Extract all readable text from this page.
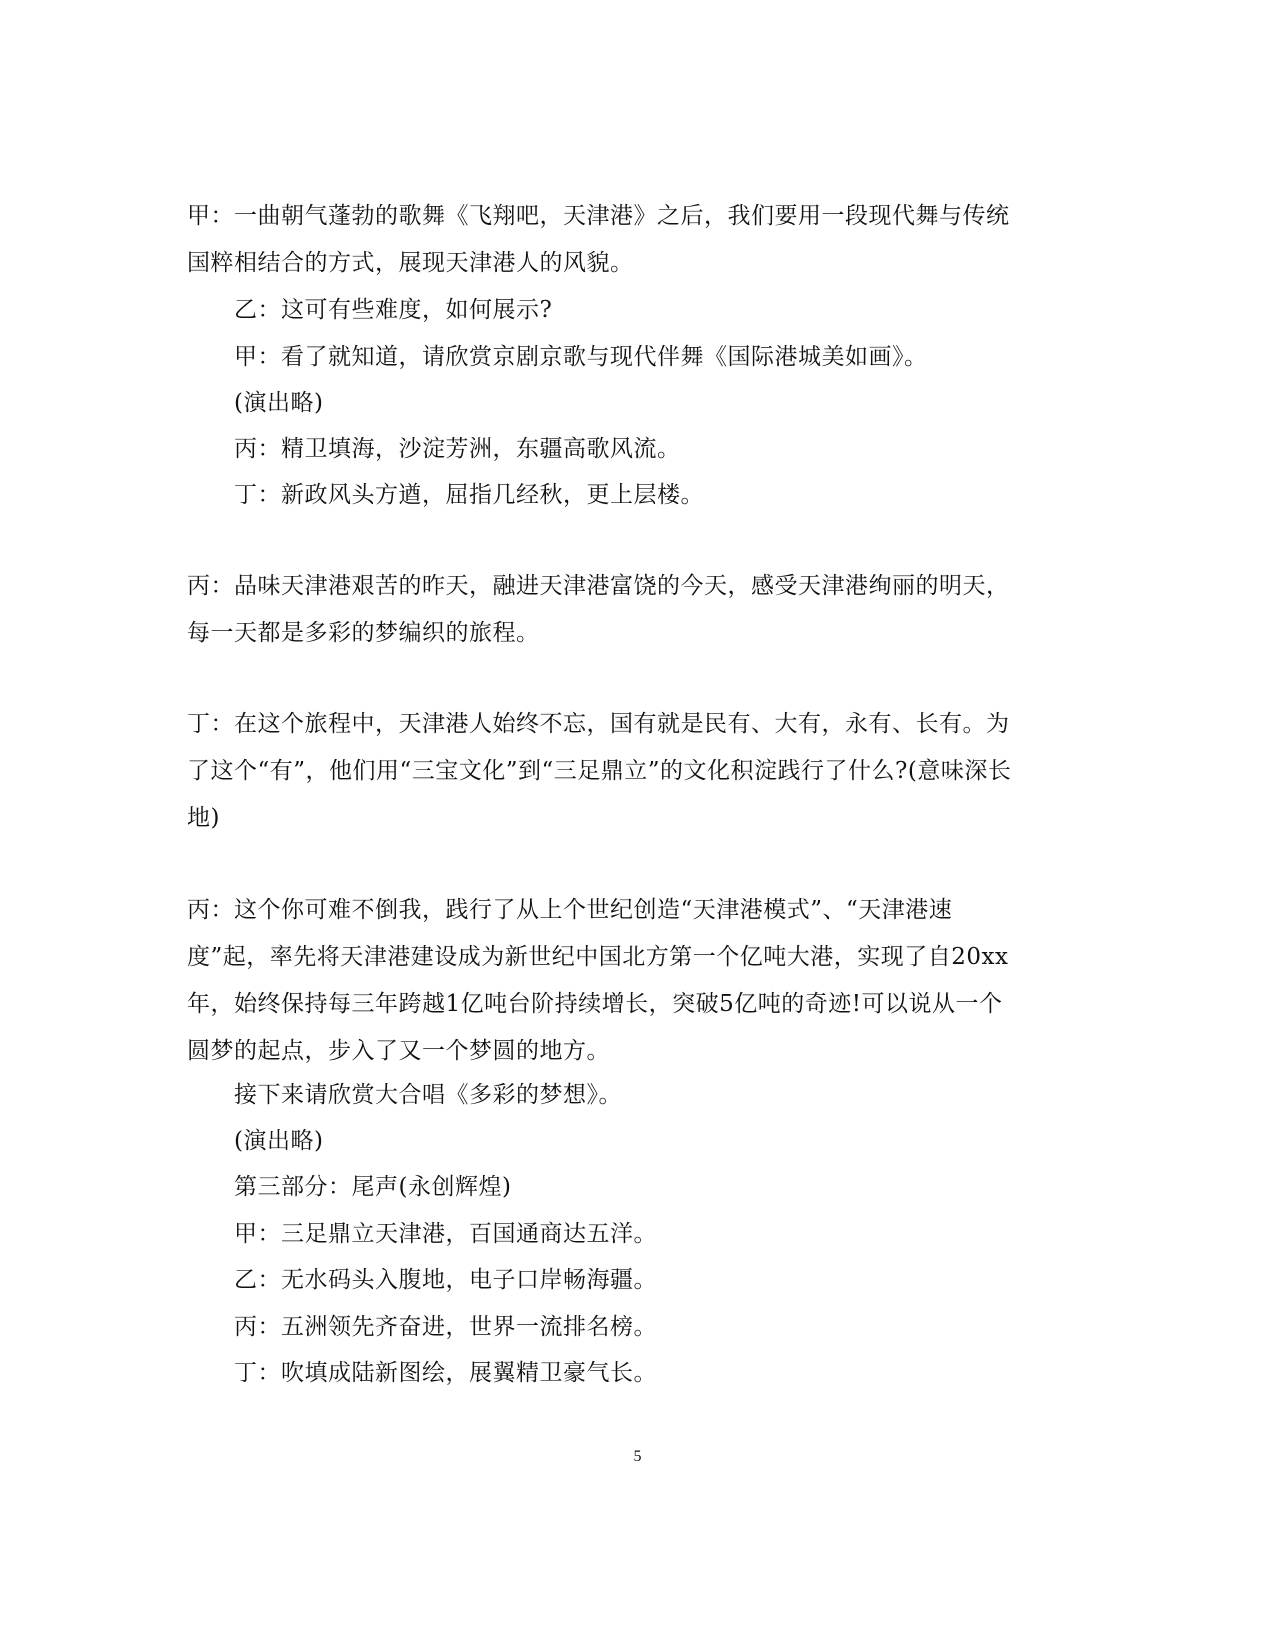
甲：一曲朝气蓬勃的歌舞《飞翔吧，天津港》之后，我们要用一段现代舞与传统国粹相结合的方式，展现天津港人的风貌。
乙：这可有些难度，如何展示?
甲：看了就知道，请欣赏京剧京歌与现代伴舞《国际港城美如画》。
(演出略)
丙：精卫填海，沙淀芳洲，东疆高歌风流。
丁：新政风头方遒，屈指几经秋，更上层楼。
丙：品味天津港艰苦的昨天，融进天津港富饶的今天，感受天津港绚丽的明天，每一天都是多彩的梦编织的旅程。
丁：在这个旅程中，天津港人始终不忘，国有就是民有、大有，永有、长有。为了这个“有”，他们用“三宝文化”到“三足鼎立”的文化积淀践行了什么?(意味深长地)
丙：这个你可难不倒我，践行了从上个世纪创造“天津港模式”、“天津港速度”起，率先将天津港建设成为新世纪中国北方第一个亿吨大港，实现了自20xx年，始终保持每三年跨越1亿吨台阶持续增长，突破5亿吨的奇迹!可以说从一个圆梦的起点，步入了又一个梦圆的地方。
接下来请欣赏大合唱《多彩的梦想》。
(演出略)
第三部分：尾声(永创辉煌)
甲：三足鼎立天津港，百国通商达五洋。
乙：无水码头入腹地，电子口岸畅海疆。
丙：五洲领先齐奋进，世界一流排名榜。
丁：吹填成陆新图绘，展翼精卫豪气长。
5
